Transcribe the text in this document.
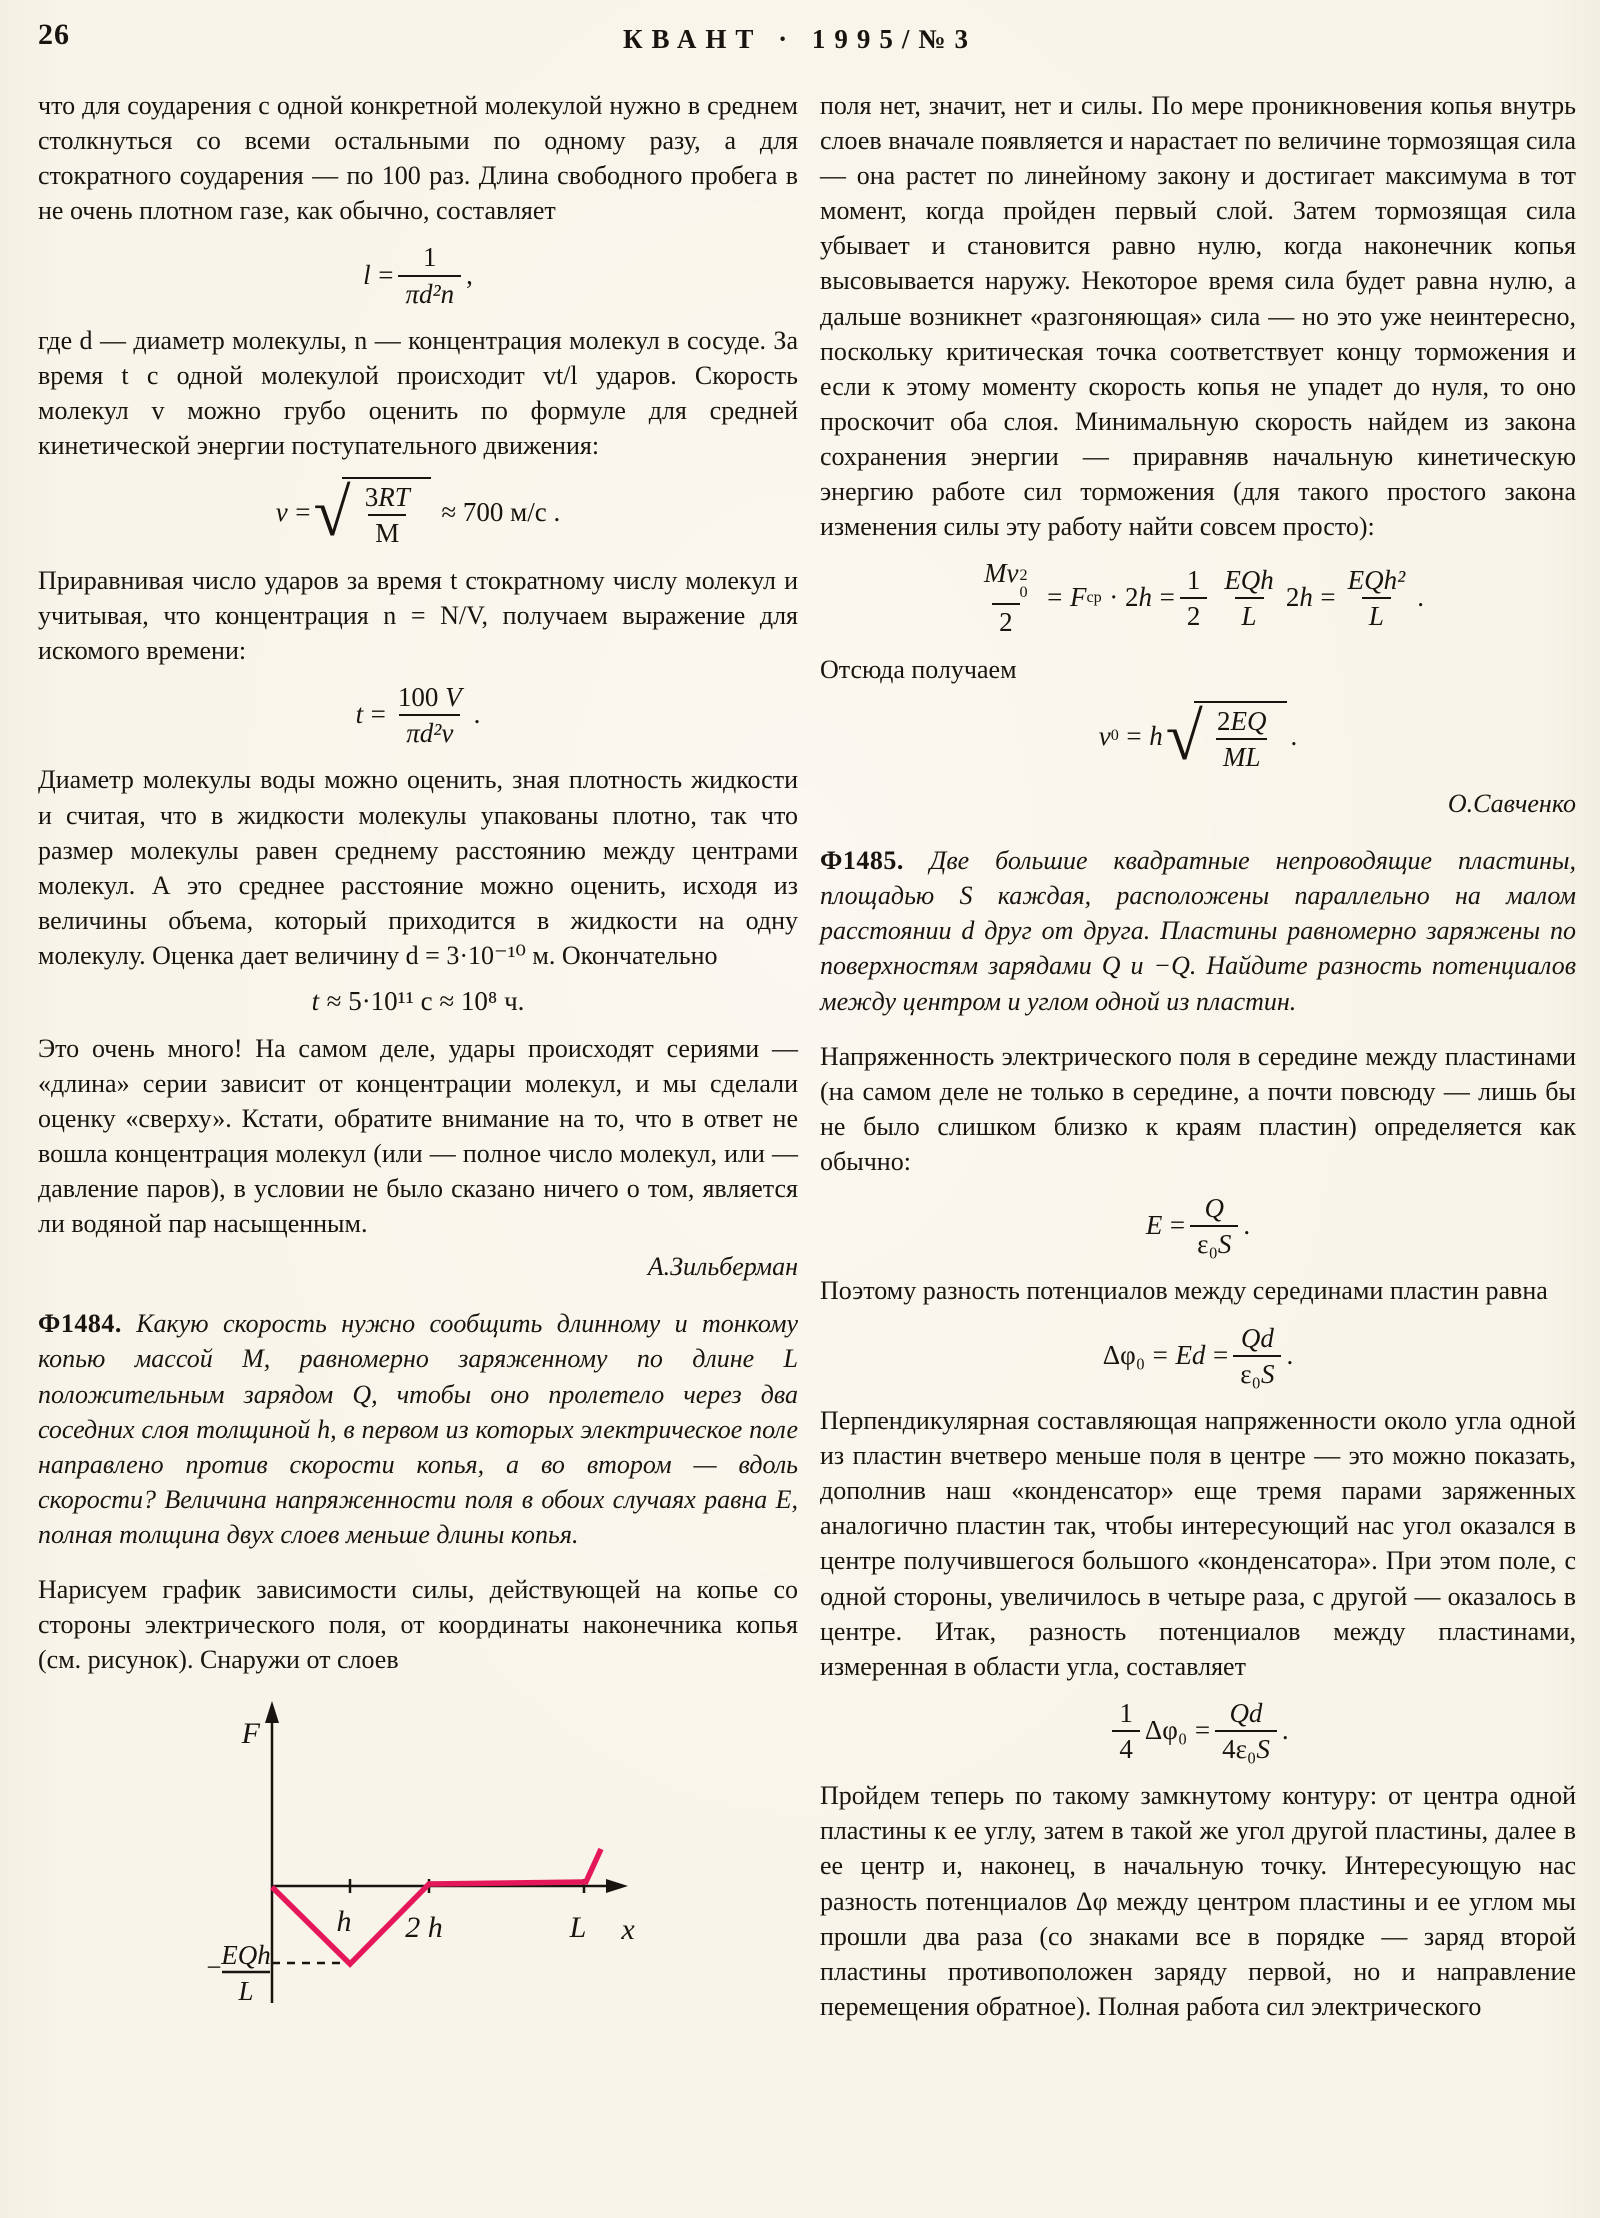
26	КВАНТ · 1995/№3

что для соударения с одной конкретной молекулой нужно в среднем столкнуться со всеми остальными по одному разу, а для стократного соударения — по 100 раз. Длина свободного пробега в не очень плотном газе, как обычно, составляет

$l = \frac{1}{\text{πd²n}}$ ,

где d — диаметр молекулы, n — концентрация молекул в сосуде. За время t с одной молекулой происходит vt/l ударов. Скорость молекул v можно грубо оценить по формуле для средней кинетической энергии поступательного движения:

v = √ $\frac{3RT}{M} \approx 700$ м/с .

Приравнивая число ударов за время t стократному числу молекул и учитывая, что концентрация n = N/V, получаем выражение для искомого времени:

$t = \frac{100 V}{\text{πd²v}}$ .

Диаметр молекулы воды можно оценить, зная плотность жидкости и считая, что в жидкости молекулы упакованы плотно, так что размер молекулы равен среднему расстоянию между центрами молекул. А это среднее расстояние можно оценить, исходя из величины объема, который приходится в жидкости на одну молекулу. Оценка дает величину d = 3·10⁻¹⁰ м. Окончательно

t ≈ 5·10¹¹ с ≈ 10⁸ ч.

Это очень много! На самом деле, удары происходят сериями — «длина» серии зависит от концентрации молекул, и мы сделали оценку «сверху». Кстати, обратите внимание на то, что в ответ не вошла концентрация молекул (или — полное число молекул, или — давление паров), в условии не было сказано ничего о том, является ли водяной пар насыщенным.

А.Зильберман

Ф1484. Какую скорость нужно сообщить длинному и тонкому копью массой M, равномерно заряженному по длине L положительным зарядом Q, чтобы оно пролетело через два соседних слоя толщиной h, в первом из которых электрическое поле направлено против скорости копья, а во втором — вдоль скорости? Величина напряженности поля в обоих случаях равна E, полная толщина двух слоев меньше длины копья.

Нарисуем график зависимости силы, действующей на копье со стороны электрического поля, от координаты наконечника копья (см. рисунок). Снаружи от слоев

F
h 2 h	L x
− EQh
L

поля нет, значит, нет и силы. По мере проникновения копья внутрь слоев вначале появляется и нарастает по величине тормозящая сила — она растет по линейному закону и достигает максимума в тот момент, когда пройден первый слой. Затем тормозящая сила убывает и становится равно нулю, когда наконечник копья высовывается наружу. Некоторое время сила будет равна нулю, а дальше возникнет «разгоняющая» сила — но это уже неинтересно, поскольку критическая точка соответствует концу торможения и если к этому моменту скорость копья не упадет до нуля, то оно проскочит оба слоя. Минимальную скорость найдем из закона сохранения энергии — приравняв начальную кинетическую энергию работе сил торможения (для такого простого закона изменения силы эту работу найти совсем просто):

Mv 2
0
2 = F ср · 2 $h = \frac{1}{2} \frac{\text{EQh}}{L} 2$ $h = \frac{\text{EQh²}}{L}$ .

Отсюда получаем

v 0 = h √ $\frac{2EQ}{ML}$ .
О.Савченко

Ф1485. Две большие квадратные непроводящие пластины, площадью S каждая, расположены параллельно на малом расстоянии d друг от друга. Пластины равномерно заряжены по поверхностям зарядами Q и −Q. Найдите разность потенциалов между центром и углом одной из пластин.

Напряженность электрического поля в середине между пластинами (на самом деле не только в середине, а почти повсюду — лишь бы не было слишком близко к краям пластин) определяется как обычно:

$E = \frac{Q}{\text{ε₀S}}$ .

Поэтому разность потенциалов между серединами пластин равна

$\Delta\varphi_0 = Ed = \frac{Qd}{\text{ε₀S}}$ .

Перпендикулярная составляющая напряженности около угла одной из пластин вчетверо меньше поля в центре — это можно показать, дополнив наш «конденсатор» еще тремя парами заряженных аналогично пластин так, чтобы интересующий нас угол оказался в центре получившегося большого «конденсатора». При этом поле, с одной стороны, увеличилось в четыре раза, с другой — оказалось в центре. Итак, разность потенциалов между пластинами, измеренная в области угла, составляет

$\frac{1}{4} \Delta\varphi_0 = \frac{Qd}{\text{4ε₀S}}$ .

Пройдем теперь по такому замкнутому контуру: от центра одной пластины к ее углу, затем в такой же угол другой пластины, далее в ее центр и, наконец, в начальную точку. Интересующую нас разность потенциалов Δφ между центром пластины и ее углом мы прошли два раза (со знаками все в порядке — заряд второй пластины противоположен заряду первой, но и направление перемещения обратное). Полная работа сил электрического
